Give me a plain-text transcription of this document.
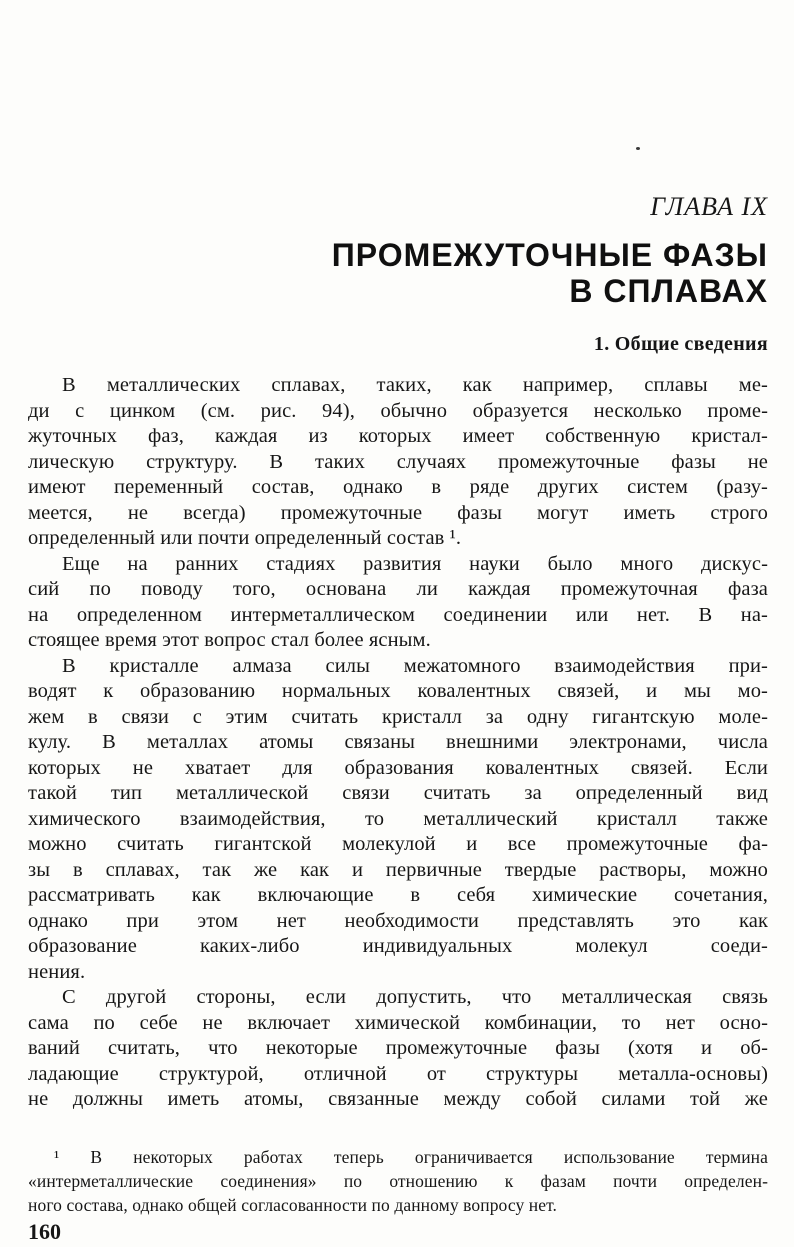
ГЛАВА IX
ПРОМЕЖУТОЧНЫЕ ФАЗЫ
В СПЛАВАХ
1. Общие сведения
В металлических сплавах, таких, как например, сплавы ме-
ди с цинком (см. рис. 94), обычно образуется несколько проме-
жуточных фаз, каждая из которых имеет собственную кристал-
лическую структуру. В таких случаях промежуточные фазы не
имеют переменный состав, однако в ряде других систем (разу-
меется, не всегда) промежуточные фазы могут иметь строго
определенный или почти определенный состав ¹.
Еще на ранних стадиях развития науки было много дискус-
сий по поводу того, основана ли каждая промежуточная фаза
на определенном интерметаллическом соединении или нет. В на-
стоящее время этот вопрос стал более ясным.
В кристалле алмаза силы межатомного взаимодействия при-
водят к образованию нормальных ковалентных связей, и мы мо-
жем в связи с этим считать кристалл за одну гигантскую моле-
кулу. В металлах атомы связаны внешними электронами, числа
которых не хватает для образования ковалентных связей. Если
такой тип металлической связи считать за определенный вид
химического взаимодействия, то металлический кристалл также
можно считать гигантской молекулой и все промежуточные фа-
зы в сплавах, так же как и первичные твердые растворы, можно
рассматривать как включающие в себя химические сочетания,
однако при этом нет необходимости представлять это как
образование каких-либо индивидуальных молекул соеди-
нения.
С другой стороны, если допустить, что металлическая связь
сама по себе не включает химической комбинации, то нет осно-
ваний считать, что некоторые промежуточные фазы (хотя и об-
ладающие структурой, отличной от структуры металла-основы)
не должны иметь атомы, связанные между собой силами той же
¹ В некоторых работах теперь ограничивается использование термина
«интерметаллические соединения» по отношению к фазам почти определен-
ного состава, однако общей согласованности по данному вопросу нет.
160
